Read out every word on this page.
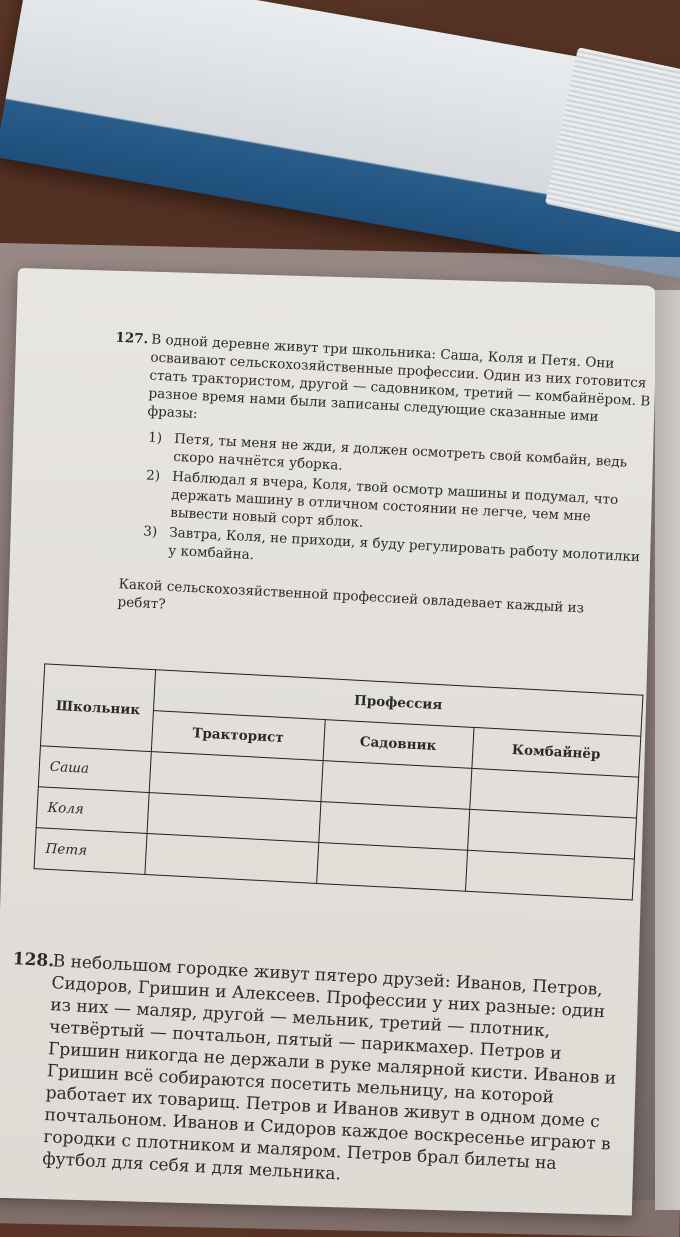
127. В одной деревне живут три школьника: Саша, Коля и Петя. Они осваивают сельскохозяйственные профессии. Один из них готовится стать трактористом, другой — садовником, третий — комбайнёром. В разное время нами были записаны следующие сказанные ими фразы:
1) Петя, ты меня не жди, я должен осмотреть свой комбайн, ведь скоро начнётся уборка.
2) Наблюдал я вчера, Коля, твой осмотр машины и подумал, что держать машину в отличном состоянии не легче, чем мне вывести новый сорт яблок.
3) Завтра, Коля, не приходи, я буду регулировать работу молотилки у комбайна.
Какой сельскохозяйственной профессией овладевает каждый из ребят?
Школьник	Профессия		
	Тракторист	Садовник	Комбайнёр
Саша			
Коля			
Петя			
128.
В небольшом городке живут пятеро друзей: Иванов, Петров, Сидоров, Гришин и Алексеев. Профессии у них разные: один из них — маляр, другой — мельник, третий — плотник, четвёртый — почтальон, пятый — парикмахер. Петров и Гришин никогда не держали в руке малярной кисти. Иванов и Гришин всё собираются посетить мельницу, на которой работает их товарищ. Петров и Иванов живут в одном доме с почтальоном. Иванов и Сидоров каждое воскресенье играют в городки с плотником и маляром. Петров брал билеты на футбол для себя и для мельника.
